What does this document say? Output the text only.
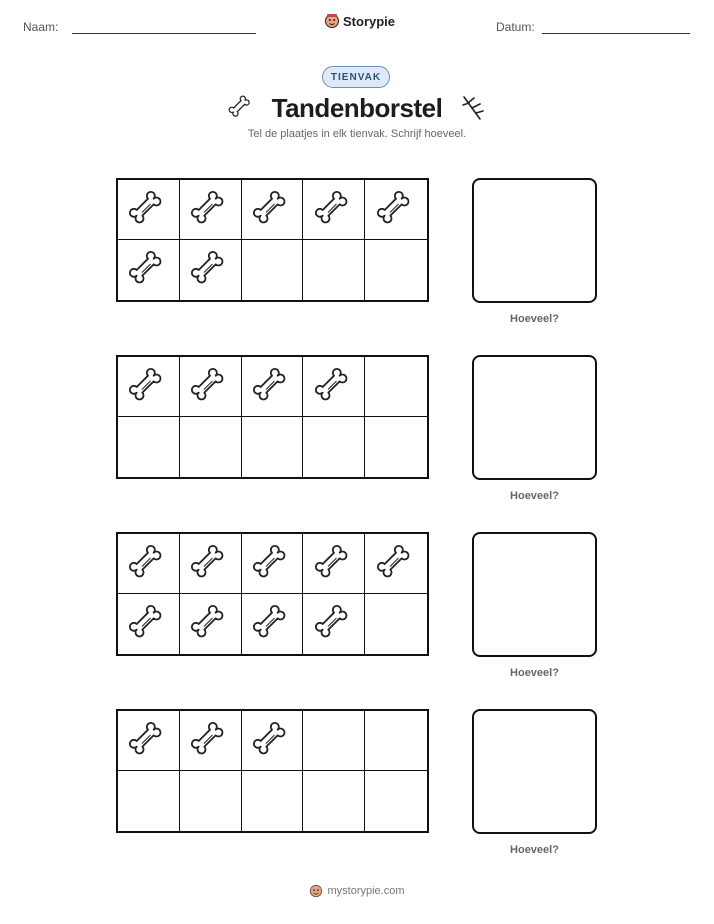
Naam:	Storypie	Datum:
TIENVAK
Tandenborstel
Tel de plaatjes in elk tienvak. Schrijf hoeveel.
Hoeveel?
Hoeveel?
Hoeveel?
Hoeveel?
mystorypie.com
